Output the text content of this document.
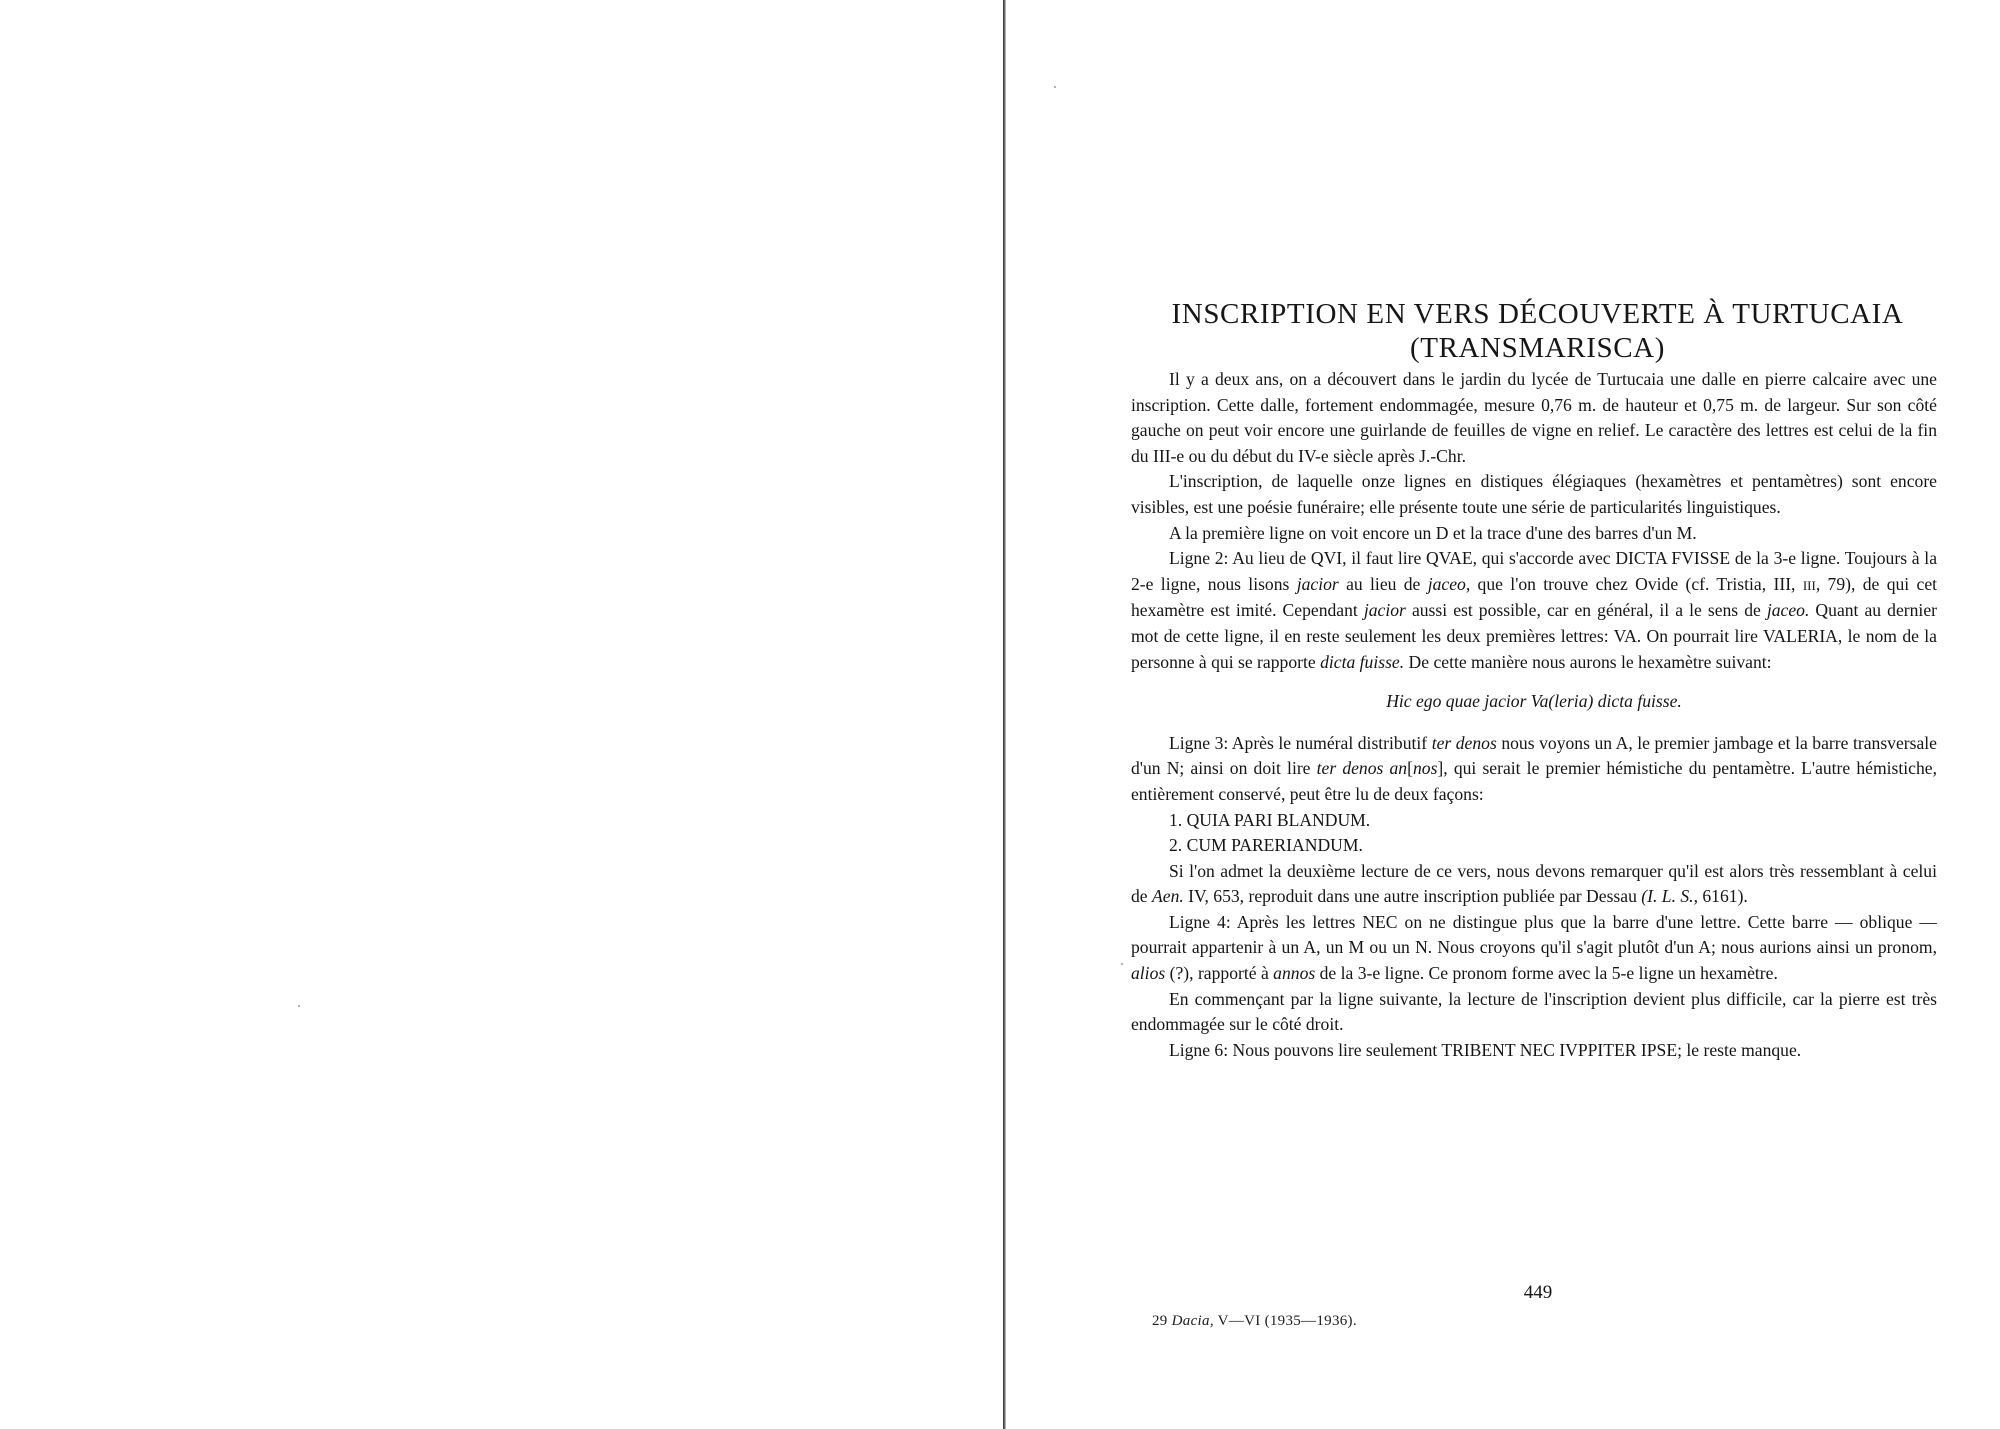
INSCRIPTION EN VERS DÉCOUVERTE À TURTUCAIA
(TRANSMARISCA)

Il y a deux ans, on a découvert dans le jardin du lycée de Turtucaia une dalle en pierre calcaire avec une inscription. Cette dalle, fortement endommagée, mesure 0,76 m. de hauteur et 0,75 m. de largeur. Sur son côté gauche on peut voir encore une guirlande de feuilles de vigne en relief. Le caractère des lettres est celui de la fin du III-e ou du début du IV-e siècle après J.-Chr.

L'inscription, de laquelle onze lignes en distiques élégiaques (hexamètres et pentamètres) sont encore visibles, est une poésie funéraire; elle présente toute une série de particularités linguistiques.

A la première ligne on voit encore un D et la trace d'une des barres d'un M.

Ligne 2: Au lieu de QVI, il faut lire QVAE, qui s'accorde avec DICTA FVISSE de la 3-e ligne. Toujours à la 2-e ligne, nous lisons jacior au lieu de jaceo, que l'on trouve chez Ovide (cf. Tristia, III, III, 79), de qui cet hexamètre est imité. Cependant jacior aussi est possible, car en général, il a le sens de jaceo. Quant au dernier mot de cette ligne, il en reste seulement les deux premières lettres: VA. On pourrait lire VALERIA, le nom de la personne à qui se rapporte dicta fuisse. De cette manière nous aurons le hexamètre suivant:

Hic ego quae jacior Va(leria) dicta fuisse.

Ligne 3: Après le numéral distributif ter denos nous voyons un A, le premier jambage et la barre transversale d'un N; ainsi on doit lire ter denos an[nos], qui serait le premier hémistiche du pentamètre. L'autre hémistiche, entièrement conservé, peut être lu de deux façons:

1. QUIA PARI BLANDUM.

2. CUM PARERIANDUM.

Si l'on admet la deuxième lecture de ce vers, nous devons remarquer qu'il est alors très ressemblant à celui de Aen. IV, 653, reproduit dans une autre inscription publiée par Dessau (I. L. S., 6161).

Ligne 4: Après les lettres NEC on ne distingue plus que la barre d'une lettre. Cette barre — oblique — pourrait appartenir à un A, un M ou un N. Nous croyons qu'il s'agit plutôt d'un A; nous aurions ainsi un pronom, alios (?), rapporté à annos de la 3-e ligne. Ce pronom forme avec la 5-e ligne un hexamètre.

En commençant par la ligne suivante, la lecture de l'inscription devient plus difficile, car la pierre est très endommagée sur le côté droit.

Ligne 6: Nous pouvons lire seulement TRIBENT NEC IVPPITER IPSE; le reste manque.

449
29 Dacia, V—VI (1935—1936).
